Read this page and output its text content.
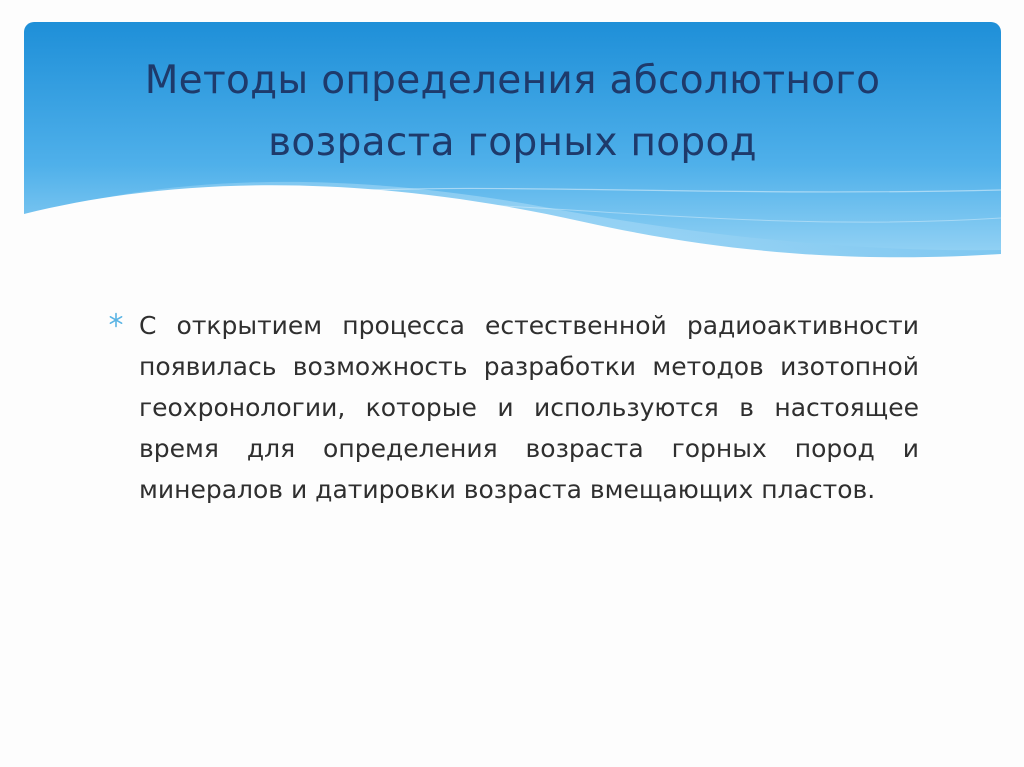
Методы определения абсолютного
возраста горных пород

С открытием процесса естественной радиоактивности появилась возможность разработки методов изотопной геохронологии, которые и используются в настоящее время для определения возраста горных пород и минералов и датировки возраста вмещающих пластов.
